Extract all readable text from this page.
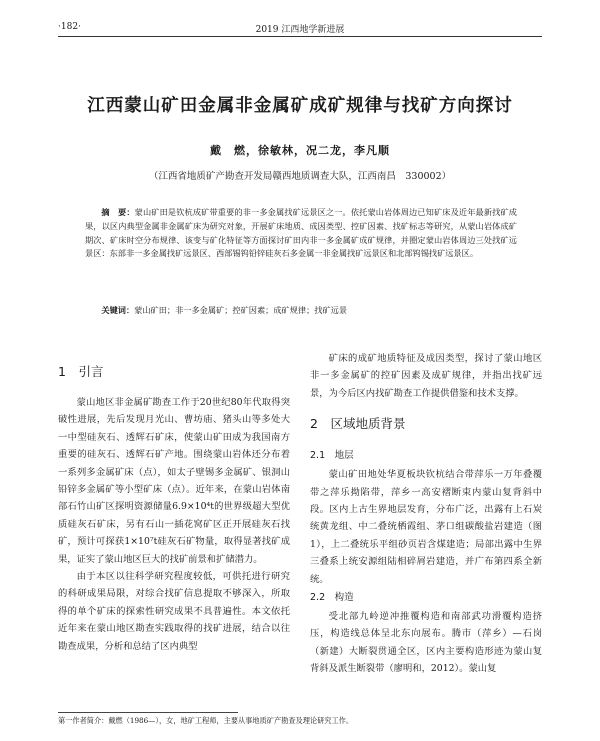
·182·	2019 江西地学新进展
江西蒙山矿田金属非金属矿成矿规律与找矿方向探讨
戴　燃，徐敏林，况二龙，李凡顺
（江西省地质矿产勘查开发局赣西地质调查大队，江西南昌　330002）
摘　要：蒙山矿田是钦杭成矿带重要的非一多金属找矿远景区之一。依托蒙山岩体周边已知矿床及近年最新找矿成果，以区内典型金属非金属矿床为研究对象，开展矿床地质、成因类型、控矿因素、找矿标志等研究，从蒙山岩体成矿期次、矿床时空分布规律、该变与矿化特征等方面探讨矿田内非一多金属矿成矿规律，并圈定蒙山岩体周边三处找矿远景区：东部非一多金属找矿远景区、西部锡钨铅锌硅灰石多金属一非金属找矿远景区和北部钨锡找矿远景区。
关键词：蒙山矿田；非一多金属矿；控矿因素；成矿规律；找矿远景
1　引言

蒙山地区非金属矿勘查工作于20世纪80年代取得突破性进展，先后发现月光山、曹坊庙、猪头山等多处大一中型硅灰石、透辉石矿床，使蒙山矿田成为我国南方重要的硅灰石、透辉石矿产地。围绕蒙山岩体还分布着一系列多金属矿床（点），如太子壁锡多金属矿、银洞山铅锌多金属矿等小型矿床（点）。近年来，在蒙山岩体南部石竹山矿区探明资源储量6.9×10⁴t的世界级超大型优质硅灰石矿床，另有石山一插花窝矿区正开展硅灰石找矿，预计可探获1×10⁷t硅灰石矿物量，取得显著找矿成果，证实了蒙山地区巨大的找矿前景和扩储潜力。

由于本区以往科学研究程度较低，可供托进行研究的科研成果局限，对综合找矿信息提取不够深入，所取得的单个矿床的探索性研究成果不具普遍性。本文依托近年来在蒙山地区勘查实践取得的找矿进展，结合以往勘查成果，分析和总结了区内典型

矿床的成矿地质特征及成因类型，探讨了蒙山地区非一多金属矿的控矿因素及成矿规律，并指出找矿远景，为今后区内找矿勘查工作提供借鉴和技术支撑。

2　区域地质背景
2.1　地层

蒙山矿田地处华夏板块钦杭结合带萍乐一万年叠覆带之萍乐拗陷带，萍乡一高安褶断束内蒙山复背斜中段。区内上古生界地层发育，分布广泛，出露有上石炭统黄龙组、中二叠统栖霞组、茅口组碳酸盐岩建造（图1），上二叠统乐平组砂页岩含煤建造；局部出露中生界三叠系上统安源组陆相碎屑岩建造，并广布第四系全新统。

2.2　构造

受北部九岭逆冲推覆构造和南部武功滑覆构造挤压，构造线总体呈北东向展布。腾市（萍乡）—石岗（新建）大断裂贯通全区，区内主要构造形迹为蒙山复背斜及派生断裂带（廖明和，2012）。蒙山复

第一作者简介：戴燃（1986—），女，地矿工程师，主要从事地质矿产勘查及理论研究工作。
